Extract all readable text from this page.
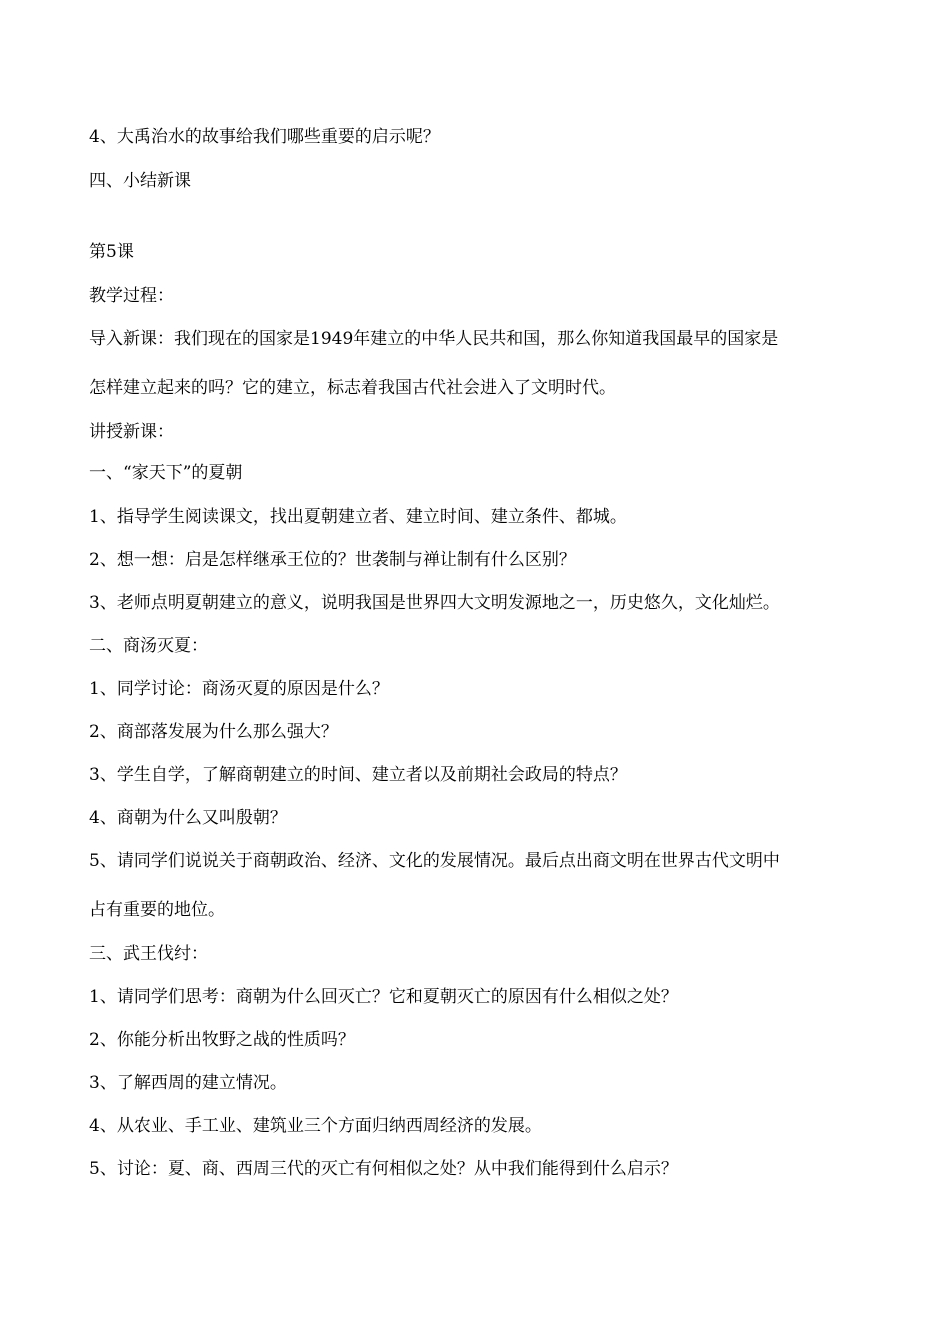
4、大禹治水的故事给我们哪些重要的启示呢？
四、小结新课
第5课
教学过程：
导入新课：我们现在的国家是1949年建立的中华人民共和国，那么你知道我国最早的国家是
怎样建立起来的吗？它的建立，标志着我国古代社会进入了文明时代。
讲授新课：
一、“家天下”的夏朝
1、指导学生阅读课文，找出夏朝建立者、建立时间、建立条件、都城。
2、想一想：启是怎样继承王位的？世袭制与禅让制有什么区别？
3、老师点明夏朝建立的意义，说明我国是世界四大文明发源地之一，历史悠久，文化灿烂。
二、商汤灭夏：
1、同学讨论：商汤灭夏的原因是什么？
2、商部落发展为什么那么强大？
3、学生自学，了解商朝建立的时间、建立者以及前期社会政局的特点？
4、商朝为什么又叫殷朝？
5、请同学们说说关于商朝政治、经济、文化的发展情况。最后点出商文明在世界古代文明中
占有重要的地位。
三、武王伐纣：
1、请同学们思考：商朝为什么回灭亡？它和夏朝灭亡的原因有什么相似之处？
2、你能分析出牧野之战的性质吗？
3、了解西周的建立情况。
4、从农业、手工业、建筑业三个方面归纳西周经济的发展。
5、讨论：夏、商、西周三代的灭亡有何相似之处？从中我们能得到什么启示？
